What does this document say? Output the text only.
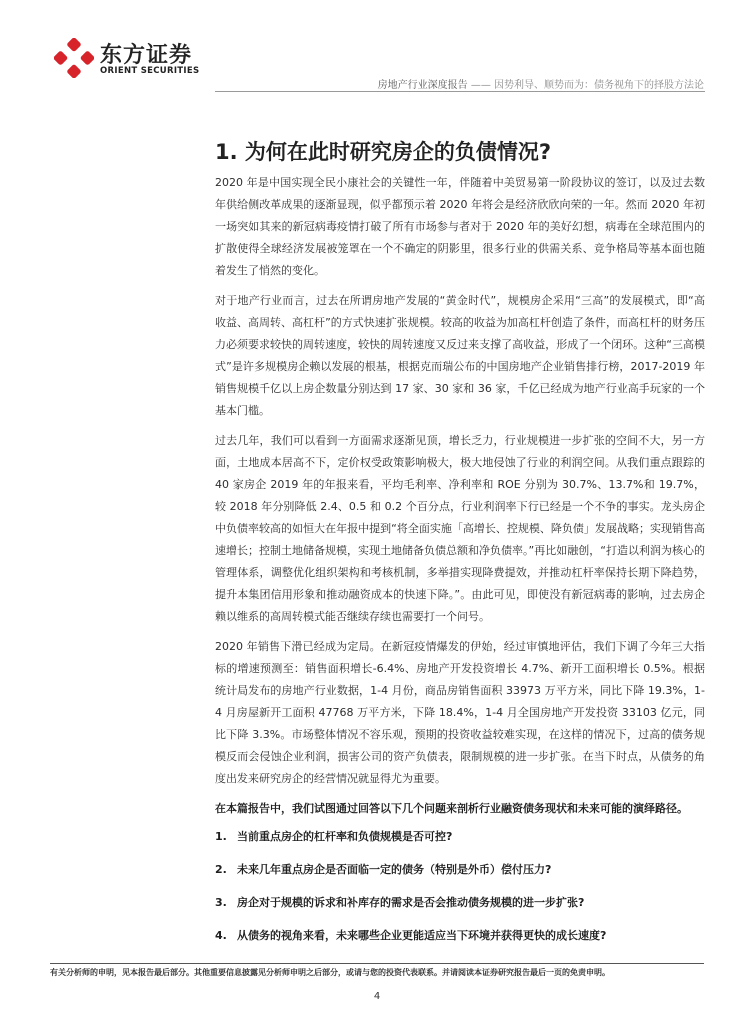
东方证券
ORIENT SECURITIES
房地产行业深度报告 —— 因势利导、顺势而为：债务视角下的择股方法论
1. 为何在此时研究房企的负债情况?

2020 年是中国实现全民小康社会的关键性一年，伴随着中美贸易第一阶段协议的签订，以及过去数年供给侧改革成果的逐渐显现，似乎都预示着 2020 年将会是经济欣欣向荣的一年。然而 2020 年初一场突如其来的新冠病毒疫情打破了所有市场参与者对于 2020 年的美好幻想，病毒在全球范围内的扩散使得全球经济发展被笼罩在一个不确定的阴影里，很多行业的供需关系、竞争格局等基本面也随着发生了悄然的变化。

对于地产行业而言，过去在所谓房地产发展的“黄金时代”，规模房企采用“三高”的发展模式，即“高收益、高周转、高杠杆”的方式快速扩张规模。较高的收益为加高杠杆创造了条件，而高杠杆的财务压力必须要求较快的周转速度，较快的周转速度又反过来支撑了高收益，形成了一个闭环。这种“三高模式”是许多规模房企赖以发展的根基，根据克而瑞公布的中国房地产企业销售排行榜，2017-2019 年销售规模千亿以上房企数量分别达到 17 家、30 家和 36 家，千亿已经成为地产行业高手玩家的一个基本门槛。

过去几年，我们可以看到一方面需求逐渐见顶，增长乏力，行业规模进一步扩张的空间不大，另一方面，土地成本居高不下，定价权受政策影响极大，极大地侵蚀了行业的利润空间。从我们重点跟踪的 40 家房企 2019 年的年报来看，平均毛利率、净利率和 ROE 分别为 30.7%、13.7%和 19.7%，较 2018 年分别降低 2.4、0.5 和 0.2 个百分点，行业利润率下行已经是一个不争的事实。龙头房企中负债率较高的如恒大在年报中提到“将全面实施「高增长、控规模、降负债」发展战略；实现销售高速增长；控制土地储备规模，实现土地储备负债总额和净负债率。”再比如融创，“打造以利润为核心的管理体系，调整优化组织架构和考核机制，多举措实现降费提效，并推动杠杆率保持长期下降趋势，提升本集团信用形象和推动融资成本的快速下降。”。由此可见，即使没有新冠病毒的影响，过去房企赖以维系的高周转模式能否继续存续也需要打一个问号。

2020 年销售下滑已经成为定局。在新冠疫情爆发的伊始，经过审慎地评估，我们下调了今年三大指标的增速预测至：销售面积增长-6.4%、房地产开发投资增长 4.7%、新开工面积增长 0.5%。根据统计局发布的房地产行业数据，1-4 月份，商品房销售面积 33973 万平方米，同比下降 19.3%，1-4 月房屋新开工面积 47768 万平方米，下降 18.4%，1-4 月全国房地产开发投资 33103 亿元，同比下降 3.3%。市场整体情况不容乐观，预期的投资收益较难实现，在这样的情况下，过高的债务规模反而会侵蚀企业利润，损害公司的资产负债表，限制规模的进一步扩张。在当下时点，从债务的角度出发来研究房企的经营情况就显得尤为重要。

在本篇报告中，我们试图通过回答以下几个问题来剖析行业融资债务现状和未来可能的演绎路径。

1. 当前重点房企的杠杆率和负债规模是否可控?
2. 未来几年重点房企是否面临一定的债务（特别是外币）偿付压力?
3. 房企对于规模的诉求和补库存的需求是否会推动债务规模的进一步扩张?
4. 从债务的视角来看，未来哪些企业更能适应当下环境并获得更快的成长速度?
有关分析师的申明，见本报告最后部分。其他重要信息披露见分析师申明之后部分，或请与您的投资代表联系。并请阅读本证券研究报告最后一页的免责申明。
4
